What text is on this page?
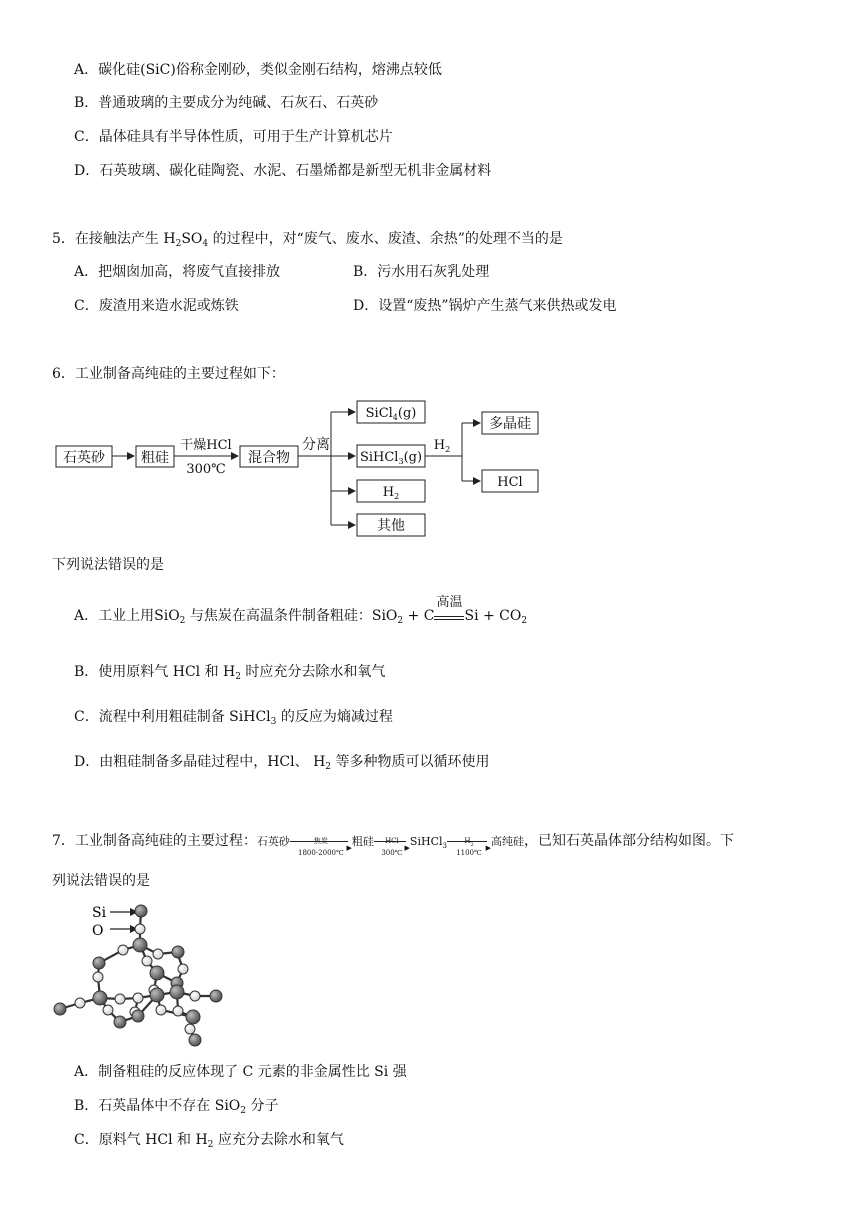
A．碳化硅(SiC)俗称金刚砂，类似金刚石结构，熔沸点较低
B．普通玻璃的主要成分为纯碱、石灰石、石英砂
C．晶体硅具有半导体性质，可用于生产计算机芯片
D．石英玻璃、碳化硅陶瓷、水泥、石墨烯都是新型无机非金属材料
5．在接触法产生 $H_2SO_4$ 的过程中，对“废气、废水、废渣、余热”的处理不当的是
A．把烟囱加高，将废气直接排放	B．污水用石灰乳处理
C．废渣用来造水泥或炼铁	D．设置“废热”锅炉产生蒸气来供热或发电
6．工业制备高纯硅的主要过程如下：
石英砂	粗硅
干燥HCl
300℃
混合物
分离
SiCl$_4$(g)
SiHCl$_3$(g)
$H_2$
其他
$H_2$
多晶硅
HCl
下列说法错误的是
A．工业上用SiO$_2$ 与焦炭在高温条件制备粗硅：SiO$_2$ + C
高温
$Si + CO_2$
B．使用原料气 HCl 和 $H_2$ 时应充分去除水和氧气
C．流程中利用粗硅制备 SiHCl$_3$ 的反应为熵减过程
D．由粗硅制备多晶硅过程中，HCl、 $H_2$ 等多种物质可以循环使用
7．工业制备高纯硅的主要过程：石英砂	焦炭
▶
1800-2000℃
粗硅	HCl
▶
300℃
SiHCl$_3$
$H_2$	▶
1100℃
高纯硅，已知石英晶体部分结构如图。下
列说法错误的是
Si
O
A．制备粗硅的反应体现了 C 元素的非金属性比 Si 强
B．石英晶体中不存在 SiO$_2$ 分子
C．原料气 HCl 和 $H_2$ 应充分去除水和氧气
